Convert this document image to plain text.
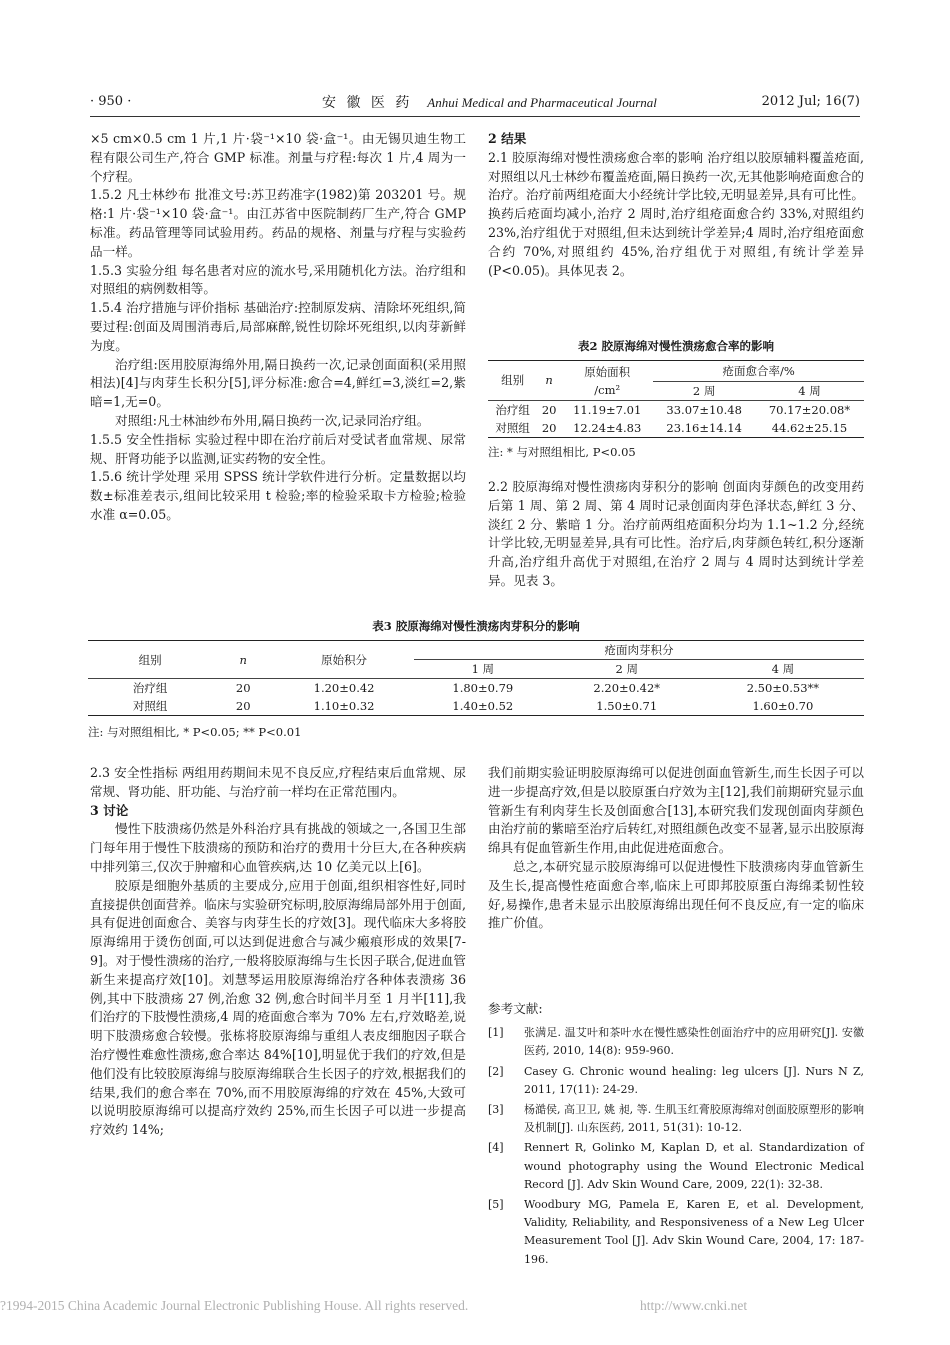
· 950 ·	安 徽 医 药 Anhui Medical and Pharmaceutical Journal	2012 Jul; 16(7)

×5 cm×0.5 cm 1 片,1 片·袋⁻¹×10 袋·盒⁻¹。由无锡贝迪生物工程有限公司生产,符合 GMP 标准。剂量与疗程:每次 1 片,4 周为一个疗程。

1.5.2 凡士林纱布 批准文号:苏卫药准字(1982)第 203201 号。规格:1 片·袋⁻¹×10 袋·盒⁻¹。由江苏省中医院制药厂生产,符合 GMP 标准。药品管理等同试验用药。药品的规格、剂量与疗程与实验药品一样。

1.5.3 实验分组 每名患者对应的流水号,采用随机化方法。治疗组和对照组的病例数相等。

1.5.4 治疗措施与评价指标 基础治疗:控制原发病、清除坏死组织,简要过程:创面及周围消毒后,局部麻醉,锐性切除坏死组织,以肉芽新鲜为度。

治疗组:医用胶原海绵外用,隔日换药一次,记录创面面积(采用照相法)[4]与肉芽生长积分[5],评分标准:愈合=4,鲜红=3,淡红=2,紫暗=1,无=0。

对照组:凡士林油纱布外用,隔日换药一次,记录同治疗组。

1.5.5 安全性指标 实验过程中即在治疗前后对受试者血常规、尿常规、肝肾功能予以监测,证实药物的安全性。

1.5.6 统计学处理 采用 SPSS 统计学软件进行分析。定量数据以均数±标准差表示,组间比较采用 t 检验;率的检验采取卡方检验;检验水准 α=0.05。

2 结果

2.1 胶原海绵对慢性溃疡愈合率的影响 治疗组以胶原辅料覆盖疮面,对照组以凡士林纱布覆盖疮面,隔日换药一次,无其他影响疮面愈合的治疗。治疗前两组疮面大小经统计学比较,无明显差异,具有可比性。换药后疮面均减小,治疗 2 周时,治疗组疮面愈合约 33%,对照组约 23%,治疗组优于对照组,但未达到统计学差异;4 周时,治疗组疮面愈合约 70%,对照组约 45%,治疗组优于对照组,有统计学差异(P<0.05)。具体见表 2。

表2 胶原海绵对慢性溃疡愈合率的影响
组别	n	原始面积	疮面愈合率/%	
		/cm²	2 周	4 周
治疗组	20	11.19±7.01	33.07±10.48	70.17±20.08*
对照组	20	12.24±4.83	23.16±14.14	44.62±25.15
注: * 与对照组相比, P<0.05

2.2 胶原海绵对慢性溃疡肉芽积分的影响 创面肉芽颜色的改变用药后第 1 周、第 2 周、第 4 周时记录创面肉芽色泽状态,鲜红 3 分、淡红 2 分、紫暗 1 分。治疗前两组疮面积分均为 1.1~1.2 分,经统计学比较,无明显差异,具有可比性。治疗后,肉芽颜色转红,积分逐渐升高,治疗组升高优于对照组,在治疗 2 周与 4 周时达到统计学差异。见表 3。

表3 胶原海绵对慢性溃疡肉芽积分的影响
组别	n	原始积分	疮面肉芽积分		
			1 周	2 周	4 周
治疗组	20	1.20±0.42	1.80±0.79	2.20±0.42*	2.50±0.53**
对照组	20	1.10±0.32	1.40±0.52	1.50±0.71	1.60±0.70
注: 与对照组相比, * P<0.05; ** P<0.01

2.3 安全性指标 两组用药期间未见不良反应,疗程结束后血常规、尿常规、肾功能、肝功能、与治疗前一样均在正常范围内。

3 讨论

慢性下肢溃疡仍然是外科治疗具有挑战的领域之一,各国卫生部门每年用于慢性下肢溃疡的预防和治疗的费用十分巨大,在各种疾病中排列第三,仅次于肿瘤和心血管疾病,达 10 亿美元以上[6]。

胶原是细胞外基质的主要成分,应用于创面,组织相容性好,同时直接提供创面营养。临床与实验研究标明,胶原海绵局部外用于创面,具有促进创面愈合、美容与肉芽生长的疗效[3]。现代临床大多将胶原海绵用于烫伤创面,可以达到促进愈合与减少瘢痕形成的效果[7-9]。对于慢性溃疡的治疗,一般将胶原海绵与生长因子联合,促进血管新生来提高疗效[10]。刘慧琴运用胶原海绵治疗各种体表溃疡 36 例,其中下肢溃疡 27 例,治愈 32 例,愈合时间半月至 1 月半[11],我们治疗的下肢慢性溃疡,4 周的疮面愈合率为 70% 左右,疗效略差,说明下肢溃疡愈合较慢。张栋将胶原海绵与重组人表皮细胞因子联合治疗慢性难愈性溃疡,愈合率达 84%[10],明显优于我们的疗效,但是他们没有比较胶原海绵与胶原海绵联合生长因子的疗效,根据我们的结果,我们的愈合率在 70%,而不用胶原海绵的疗效在 45%,大致可以说明胶原海绵可以提高疗效约 25%,而生长因子可以进一步提高疗效约 14%;

我们前期实验证明胶原海绵可以促进创面血管新生,而生长因子可以进一步提高疗效,但是以胶原蛋白疗效为主[12],我们前期研究显示血管新生有利肉芽生长及创面愈合[13],本研究我们发现创面肉芽颜色由治疗前的紫暗至治疗后转红,对照组颜色改变不显著,显示出胶原海绵具有促血管新生作用,由此促进疮面愈合。

总之,本研究显示胶原海绵可以促进慢性下肢溃疡肉芽血管新生及生长,提高慢性疮面愈合率,临床上可即邦胶原蛋白海绵柔韧性较好,易操作,患者未显示出胶原海绵出现任何不良反应,有一定的临床推广价值。

参考文献:
[1] 张满足. 温艾叶和茶叶水在慢性感染性创面治疗中的应用研究[J]. 安徽医药, 2010, 14(8): 959-960.
[2] Casey G. Chronic wound healing: leg ulcers [J]. Nurs N Z, 2011, 17(11): 24-29.
[3] 杨澔侯, 高卫卫, 姚 昶, 等. 生肌玉红膏胶原海绵对创面胶原塑形的影响及机制[J]. 山东医药, 2011, 51(31): 10-12.
[4] Rennert R, Golinko M, Kaplan D, et al. Standardization of wound photography using the Wound Electronic Medical Record [J]. Adv Skin Wound Care, 2009, 22(1): 32-38.
[5] Woodbury MG, Pamela E, Karen E, et al. Development, Validity, Reliability, and Responsiveness of a New Leg Ulcer Measurement Tool [J]. Adv Skin Wound Care, 2004, 17: 187-196.
?1994-2015 China Academic Journal Electronic Publishing House. All rights reserved.	http://www.cnki.net
